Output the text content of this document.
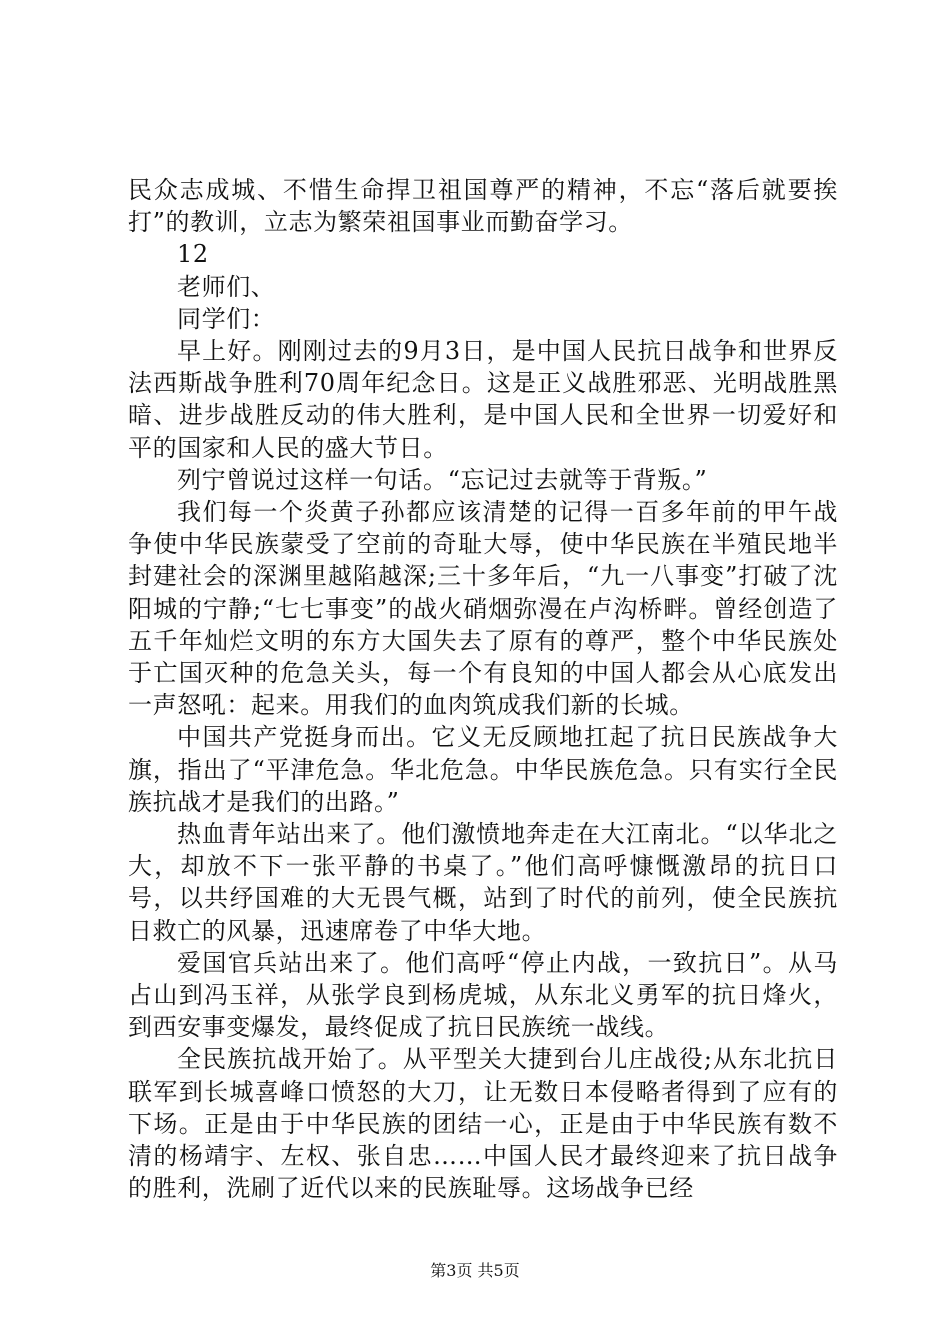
民众志成城、不惜生命捍卫祖国尊严的精神，不忘“落后就要挨打”的教训，立志为繁荣祖国事业而勤奋学习。

12

老师们、

同学们：

早上好。刚刚过去的9月3日，是中国人民抗日战争和世界反法西斯战争胜利70周年纪念日。这是正义战胜邪恶、光明战胜黑暗、进步战胜反动的伟大胜利，是中国人民和全世界一切爱好和平的国家和人民的盛大节日。

列宁曾说过这样一句话。“忘记过去就等于背叛。”

我们每一个炎黄子孙都应该清楚的记得一百多年前的甲午战争使中华民族蒙受了空前的奇耻大辱，使中华民族在半殖民地半封建社会的深渊里越陷越深;三十多年后，“九一八事变”打破了沈阳城的宁静;“七七事变”的战火硝烟弥漫在卢沟桥畔。曾经创造了五千年灿烂文明的东方大国失去了原有的尊严，整个中华民族处于亡国灭种的危急关头，每一个有良知的中国人都会从心底发出一声怒吼：起来。用我们的血肉筑成我们新的长城。

中国共产党挺身而出。它义无反顾地扛起了抗日民族战争大旗，指出了“平津危急。华北危急。中华民族危急。只有实行全民族抗战才是我们的出路。”

热血青年站出来了。他们激愤地奔走在大江南北。“以华北之大，却放不下一张平静的书桌了。”他们高呼慷慨激昂的抗日口号，以共纾国难的大无畏气概，站到了时代的前列，使全民族抗日救亡的风暴，迅速席卷了中华大地。

爱国官兵站出来了。他们高呼“停止内战，一致抗日”。从马占山到冯玉祥，从张学良到杨虎城，从东北义勇军的抗日烽火，到西安事变爆发，最终促成了抗日民族统一战线。

全民族抗战开始了。从平型关大捷到台儿庄战役;从东北抗日联军到长城喜峰口愤怒的大刀，让无数日本侵略者得到了应有的下场。正是由于中华民族的团结一心，正是由于中华民族有数不清的杨靖宇、左权、张自忠……中国人民才最终迎来了抗日战争的胜利，洗刷了近代以来的民族耻辱。这场战争已经

第3页 共5页
